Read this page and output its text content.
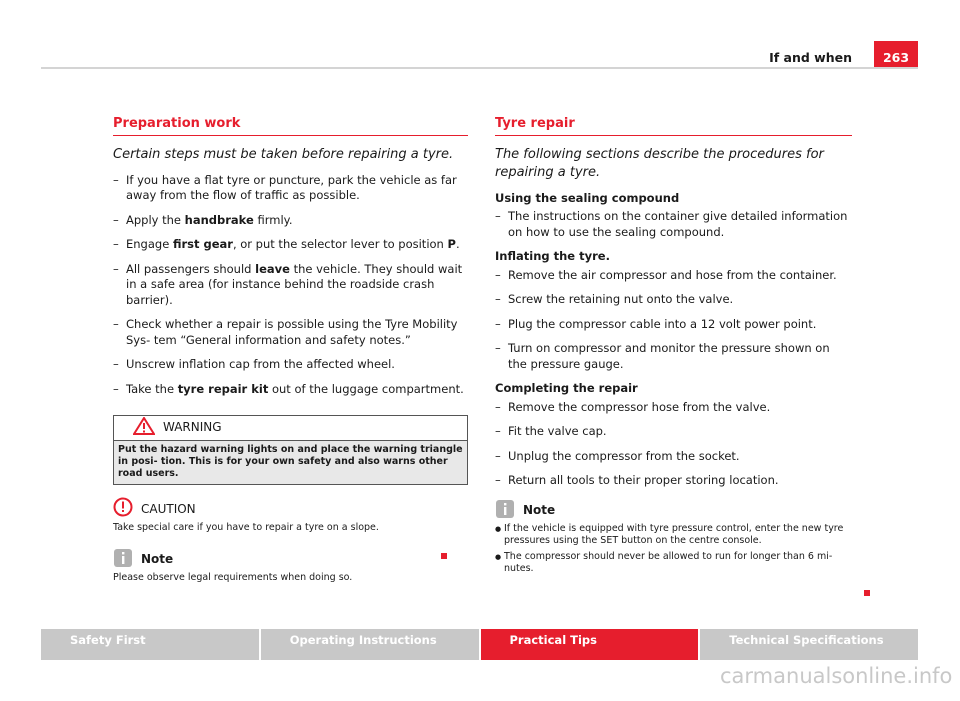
If and when	263
Preparation work
Certain steps must be taken before repairing a tyre.
– If you have a flat tyre or puncture, park the vehicle as far away from the flow of traffic as possible.
– Apply the handbrake firmly.
– Engage first gear, or put the selector lever to position P.
– All passengers should leave the vehicle. They should wait in a safe area (for instance behind the roadside crash barrier).
– Check whether a repair is possible using the Tyre Mobility Sys- tem “General information and safety notes.”
– Unscrew inflation cap from the affected wheel.
– Take the tyre repair kit out of the luggage compartment.
WARNING
Put the hazard warning lights on and place the warning triangle in posi- tion. This is for your own safety and also warns other road users.
CAUTION
Take special care if you have to repair a tyre on a slope.
Note
Please observe legal requirements when doing so.
Tyre repair
The following sections describe the procedures for repairing a tyre.
Using the sealing compound
– The instructions on the container give detailed information on how to use the sealing compound.
Inflating the tyre.
– Remove the air compressor and hose from the container.
– Screw the retaining nut onto the valve.
– Plug the compressor cable into a 12 volt power point.
– Turn on compressor and monitor the pressure shown on the pressure gauge.
Completing the repair
– Remove the compressor hose from the valve.
– Fit the valve cap.
– Unplug the compressor from the socket.
– Return all tools to their proper storing location.
Note
● If the vehicle is equipped with tyre pressure control, enter the new tyre pressures using the SET button on the centre console.
● The compressor should never be allowed to run for longer than 6 mi- nutes.
Safety First	Operating Instructions	Practical Tips	Technical Specifications
carmanualsonline.info
